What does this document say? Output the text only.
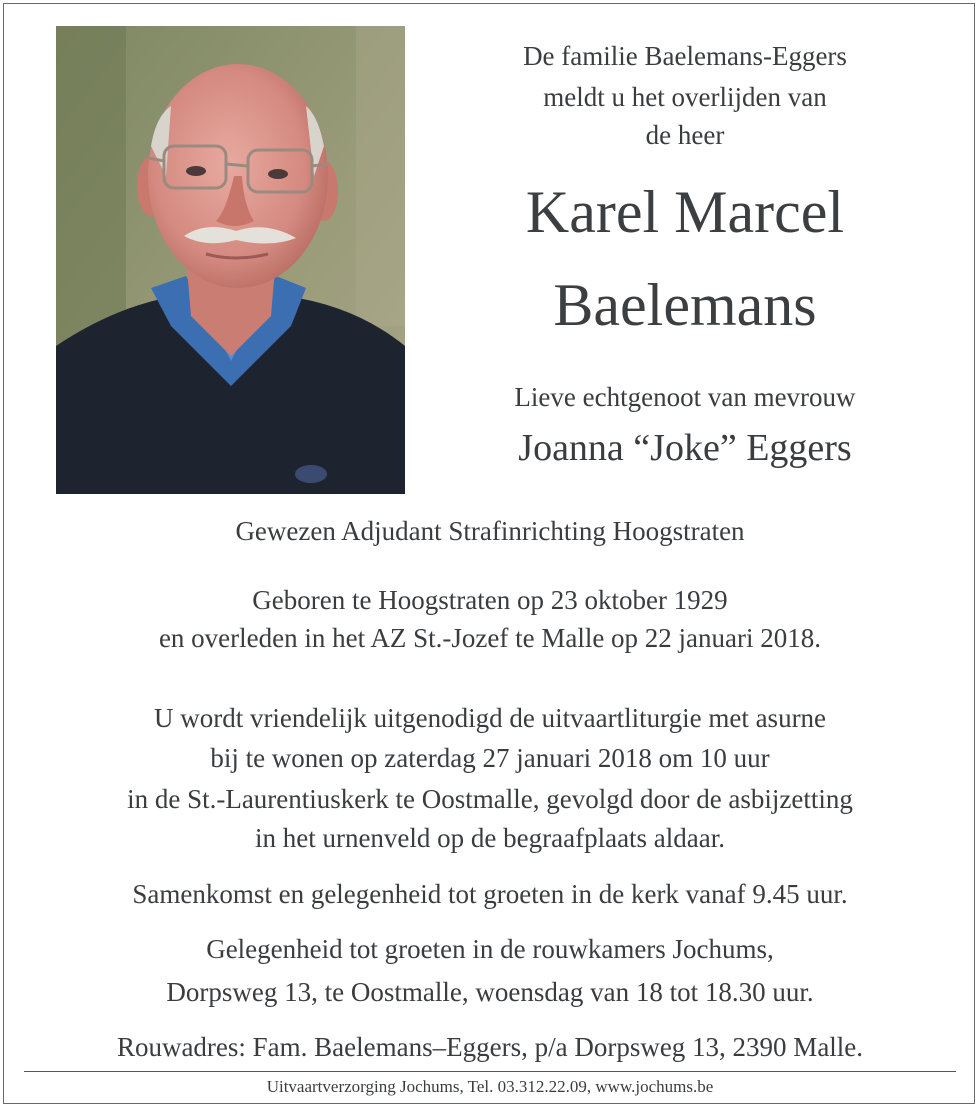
De familie Baelemans-Eggers
meldt u het overlijden van
de heer
Karel Marcel
Baelemans
Lieve echtgenoot van mevrouw
Joanna “Joke” Eggers
Gewezen Adjudant Strafinrichting Hoogstraten
Geboren te Hoogstraten op 23 oktober 1929
en overleden in het AZ St.-Jozef te Malle op 22 januari 2018.
U wordt vriendelijk uitgenodigd de uitvaartliturgie met asurne
bij te wonen op zaterdag 27 januari 2018 om 10 uur
in de St.-Laurentiuskerk te Oostmalle, gevolgd door de asbijzetting
in het urnenveld op de begraafplaats aldaar.
Samenkomst en gelegenheid tot groeten in de kerk vanaf 9.45 uur.
Gelegenheid tot groeten in de rouwkamers Jochums,
Dorpsweg 13, te Oostmalle, woensdag van 18 tot 18.30 uur.
Rouwadres: Fam. Baelemans–Eggers, p/a Dorpsweg 13, 2390 Malle.
Uitvaartverzorging Jochums, Tel. 03.312.22.09, www.jochums.be
